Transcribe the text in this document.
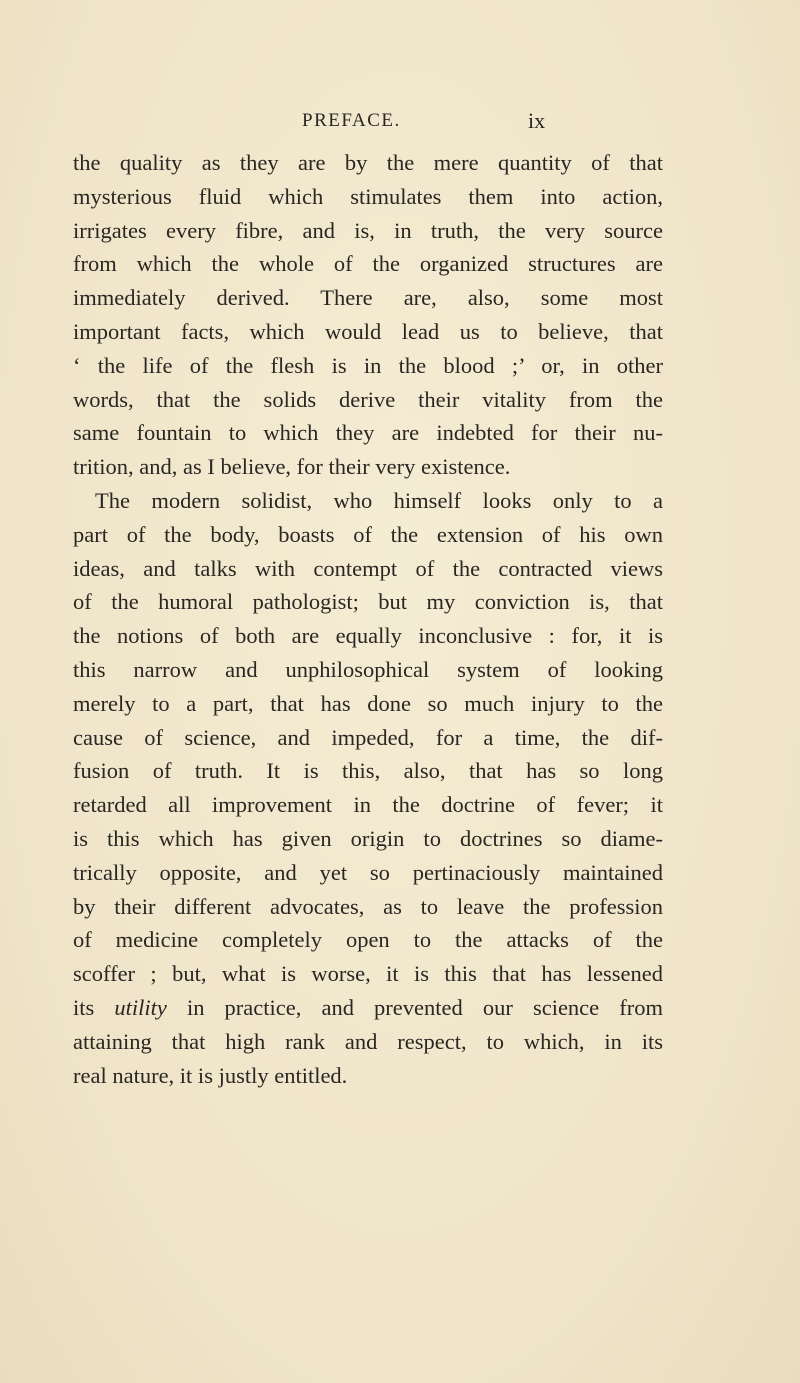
PREFACE.	ix
the quality as they are by the mere quantity of that
mysterious fluid which stimulates them into action,
irrigates every fibre, and is, in truth, the very source
from which the whole of the organized structures are
immediately derived. There are, also, some most
important facts, which would lead us to believe, that
‘ the life of the flesh is in the blood ;’ or, in other
words, that the solids derive their vitality from the
same fountain to which they are indebted for their nu-
trition, and, as I believe, for their very existence.
The modern solidist, who himself looks only to a
part of the body, boasts of the extension of his own
ideas, and talks with contempt of the contracted views
of the humoral pathologist; but my conviction is, that
the notions of both are equally inconclusive : for, it is
this narrow and unphilosophical system of looking
merely to a part, that has done so much injury to the
cause of science, and impeded, for a time, the dif-
fusion of truth. It is this, also, that has so long
retarded all improvement in the doctrine of fever; it
is this which has given origin to doctrines so diame-
trically opposite, and yet so pertinaciously maintained
by their different advocates, as to leave the profession
of medicine completely open to the attacks of the
scoffer ; but, what is worse, it is this that has lessened
its utility in practice, and prevented our science from
attaining that high rank and respect, to which, in its
real nature, it is justly entitled.
